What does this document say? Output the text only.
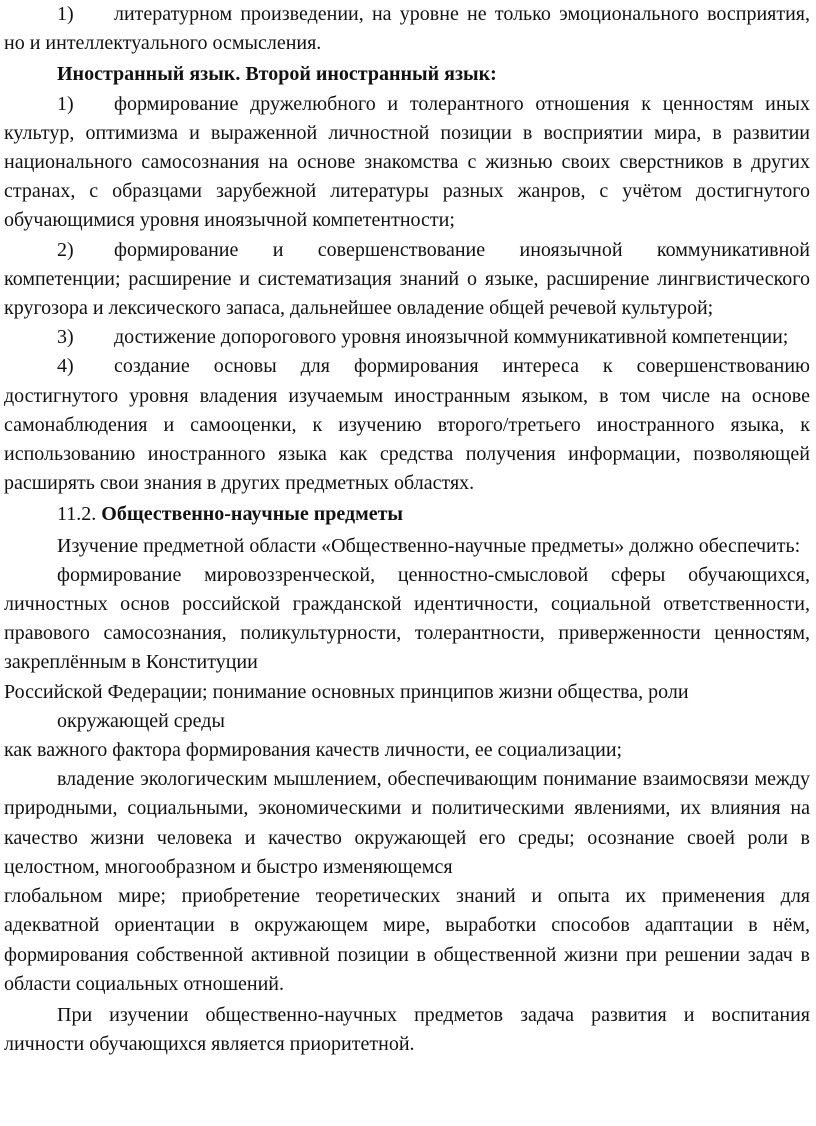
1) литературном произведении, на уровне не только эмоционального восприятия, но и интеллектуального осмысления.

Иностранный язык. Второй иностранный язык:

1) формирование дружелюбного и толерантного отношения к ценностям иных культур, оптимизма и выраженной личностной позиции в восприятии мира, в развитии национального самосознания на основе знакомства с жизнью своих сверстников в других странах, с образцами зарубежной литературы разных жанров, с учётом достигнутого обучающимися уровня иноязычной компетентности;

2) формирование и совершенствование иноязычной коммуникативной компетенции; расширение и систематизация знаний о языке, расширение лингвистического кругозора и лексического запаса, дальнейшее овладение общей речевой культурой;

3) достижение допорогового уровня иноязычной коммуникативной компетенции;

4) создание основы для формирования интереса к совершенствованию достигнутого уровня владения изучаемым иностранным языком, в том числе на основе самонаблюдения и самооценки, к изучению второго/третьего иностранного языка, к использованию иностранного языка как средства получения информации, позволяющей расширять свои знания в других предметных областях.

11.2. Общественно-научные предметы

Изучение предметной области «Общественно-научные предметы» должно обеспечить:

формирование мировоззренческой, ценностно-смысловой сферы обучающихся, личностных основ российской гражданской идентичности, социальной ответственности, правового самосознания, поликультурности, толерантности, приверженности ценностям, закреплённым в Конституции

Российской Федерации; понимание основных принципов жизни общества, роли

окружающей среды

как важного фактора формирования качеств личности, ее социализации;

владение экологическим мышлением, обеспечивающим понимание взаимосвязи между природными, социальными, экономическими и политическими явлениями, их влияния на качество жизни человека и качество окружающей его среды; осознание своей роли в целостном, многообразном и быстро изменяющемся

глобальном мире; приобретение теоретических знаний и опыта их применения для адекватной ориентации в окружающем мире, выработки способов адаптации в нём, формирования собственной активной позиции в общественной жизни при решении задач в области социальных отношений.

При изучении общественно-научных предметов задача развития и воспитания личности обучающихся является приоритетной.
